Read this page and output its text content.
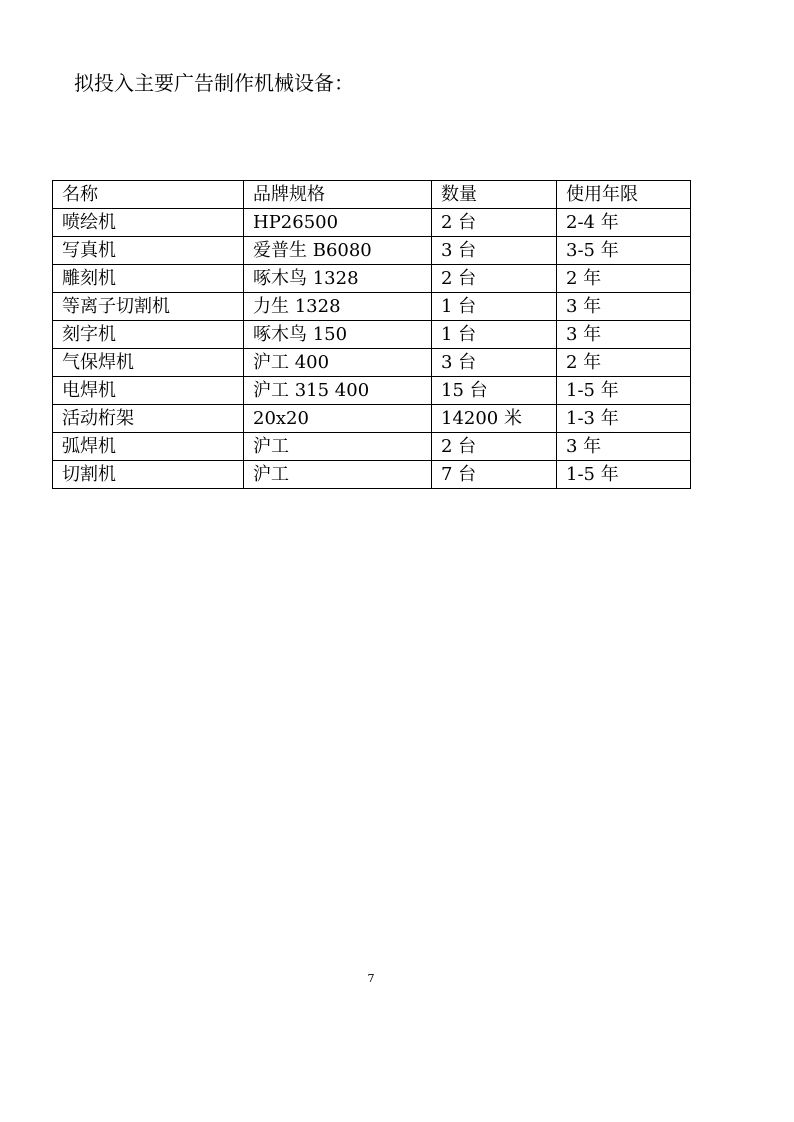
拟投入主要广告制作机械设备：
名称	品牌规格	数量	使用年限
喷绘机	HP26500	2 台	2-4 年
写真机	爱普生 B6080	3 台	3-5 年
雕刻机	啄木鸟 1328	2 台	2 年
等离子切割机	力生 1328	1 台	3 年
刻字机	啄木鸟 150	1 台	3 年
气保焊机	沪工 400	3 台	2 年
电焊机	沪工 315 400	15 台	1-5 年
活动桁架	20x20	14200 米	1-3 年
弧焊机	沪工	2 台	3 年
切割机	沪工	7 台	1-5 年
7
